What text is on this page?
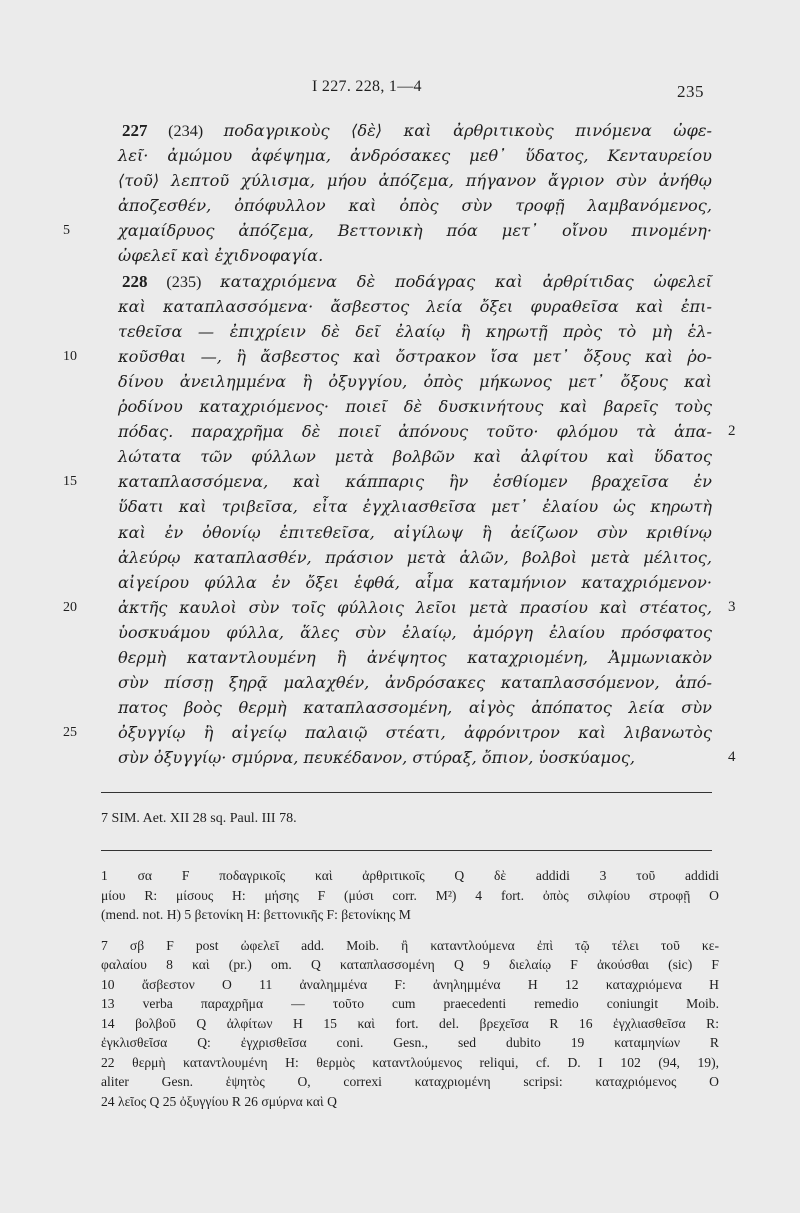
I 227. 228, 1—4	235
227 (234) ποδαγρικοὺς ⟨δὲ⟩ καὶ ἀρθριτικοὺς πινόμενα ὠφε-
λεῖ· ἀμώμου ἀφέψημα, ἀνδρόσακες μεθ᾽ ὕδατος, Κενταυρείου
⟨τοῦ⟩ λεπτοῦ χύλισμα, μήου ἀπόζεμα, πήγανον ἄγριον σὺν ἀνήθῳ
ἀποζεσθέν, ὀπόφυλλον καὶ ὀπὸς σὺν τροφῇ λαμβανόμενος,
5	χαμαίδρυος ἀπόζεμα, Βεττονικὴ πόα μετ᾽ οἴνου πινομένη·
ὠφελεῖ καὶ ἐχιδνοφαγία.
228 (235) καταχριόμενα δὲ ποδάγρας καὶ ἀρθρίτιδας ὠφελεῖ
καὶ καταπλασσόμενα· ἄσβεστος λεία ὄξει φυραθεῖσα καὶ ἐπι-
τεθεῖσα — ἐπιχρίειν δὲ δεῖ ἐλαίῳ ἢ κηρωτῇ πρὸς τὸ μὴ ἑλ-
10	κοῦσθαι —, ἢ ἄσβεστος καὶ ὄστρακον ἴσα μετ᾽ ὄξους καὶ ῥο-
δίνου ἀνειλημμένα ἢ ὀξυγγίου, ὀπὸς μήκωνος μετ᾽ ὄξους καὶ
ῥοδίνου καταχριόμενος· ποιεῖ δὲ δυσκινήτους καὶ βαρεῖς τοὺς
πόδας. παραχρῆμα δὲ ποιεῖ ἀπόνους τοῦτο· φλόμου τὰ ἁπα- 2
λώτατα τῶν φύλλων μετὰ βολβῶν καὶ ἀλφίτου καὶ ὕδατος
15	καταπλασσόμενα, καὶ κάππαρις ἣν ἐσθίομεν βραχεῖσα ἐν
ὕδατι καὶ τριβεῖσα, εἶτα ἐγχλιασθεῖσα μετ᾽ ἐλαίου ὡς κηρωτὴ
καὶ ἐν ὀθονίῳ ἐπιτεθεῖσα, αἰγίλωψ ἢ ἀείζωον σὺν κριθίνῳ
ἀλεύρῳ καταπλασθέν, πράσιον μετὰ ἁλῶν, βολβοὶ μετὰ μέλιτος,
αἰγείρου φύλλα ἐν ὄξει ἑφθά, αἷμα καταμήνιον καταχριόμενον·
20	ἀκτῆς καυλοὶ σὺν τοῖς φύλλοις λεῖοι μετὰ πρασίου καὶ στέατος, 3
ὑοσκυάμου φύλλα, ἅλες σὺν ἐλαίῳ, ἀμόργη ἐλαίου πρόσφατος
θερμὴ καταντλουμένη ἢ ἀνέψητος καταχριομένη, Ἀμμωνιακὸν
σὺν πίσσῃ ξηρᾷ μαλαχθέν, ἀνδρόσακες καταπλασσόμενον, ἀπό-
πατος βοὸς θερμὴ καταπλασσομένη, αἰγὸς ἀπόπατος λεία σὺν
25	ὀξυγγίῳ ἢ αἰγείῳ παλαιῷ στέατι, ἀφρόνιτρον καὶ λιβανωτὸς
σὺν ὀξυγγίῳ· σμύρνα, πευκέδανον, στύραξ, ὄπιον, ὑοσκύαμος,	4
7 SIM. Aet. XII 28 sq. Paul. III 78.
1 σα F ποδαγρικοῖς καὶ ἀρθριτικοῖς Q δὲ addidi 3 τοῦ addidi
μίου R: μίσους H: μήσης F (μύσι corr. M²) 4 fort. ὀπὸς σιλφίου στροφῇ O
(mend. not. H) 5 βετονίκη H: βεττονικῆς F: βετονίκης M
7 σβ F post ὠφελεῖ add. Moib. ἢ καταντλούμενα ἐπὶ τῷ τέλει τοῦ κε-
φαλαίου 8 καὶ (pr.) om. Q καταπλασσομένη Q 9 διελαίῳ F ἀκούσθαι (sic) F
10 ἄσβεστον O 11 ἀναλημμένα F: ἀνηλημμένα H 12 καταχριόμενα H
13 verba παραχρῆμα — τοῦτο cum praecedenti remedio coniungit Moib.
14 βολβοῦ Q ἀλφίτων H 15 καὶ fort. del. βρεχεῖσα R 16 ἐγχλιασθεῖσα R:
ἐγκλισθεῖσα Q: ἐγχρισθεῖσα coni. Gesn., sed dubito 19 καταμηνίων R
22 θερμὴ καταντλουμένη H: θερμὸς καταντλούμενος reliqui, cf. D. I 102 (94, 19),
aliter Gesn. ἑψητὸς O, correxi καταχριομένη scripsi: καταχριόμενος O
24 λεῖος Q 25 ὀξυγγίου R 26 σμύρνα καὶ Q
